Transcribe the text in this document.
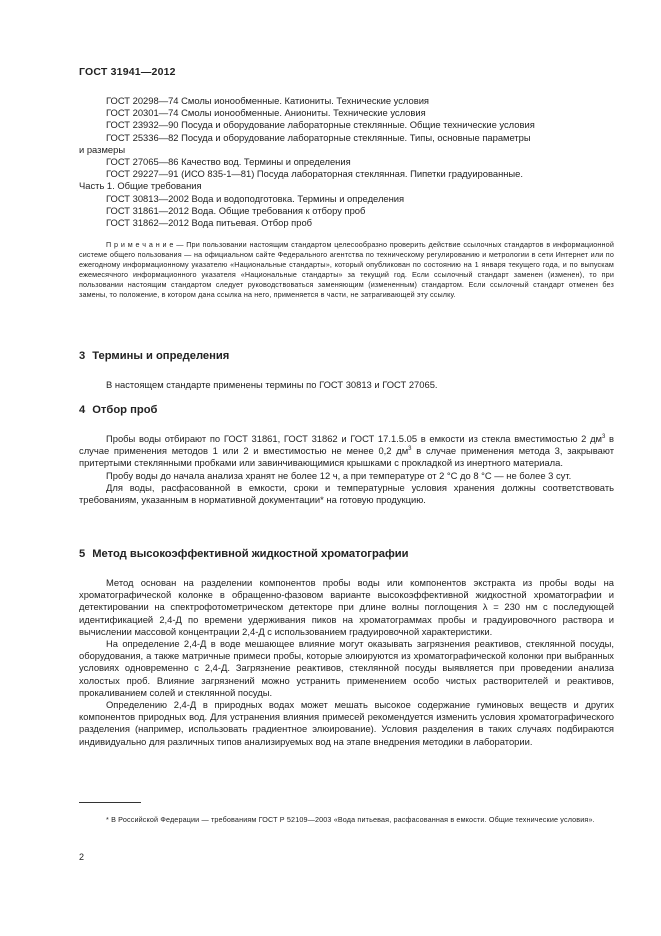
ГОСТ 31941—2012

ГОСТ 20298—74 Смолы ионообменные. Катиониты. Технические условия

ГОСТ 20301—74 Смолы ионообменные. Аниониты. Технические условия

ГОСТ 23932—90 Посуда и оборудование лабораторные стеклянные. Общие технические условия

ГОСТ 25336—82 Посуда и оборудование лабораторные стеклянные. Типы, основные параметры

и размеры

ГОСТ 27065—86 Качество вод. Термины и определения

ГОСТ 29227—91 (ИСО 835-1—81) Посуда лабораторная стеклянная. Пипетки градуированные.

Часть 1. Общие требования

ГОСТ 30813—2002 Вода и водоподготовка. Термины и определения

ГОСТ 31861—2012 Вода. Общие требования к отбору проб

ГОСТ 31862—2012 Вода питьевая. Отбор проб

П р и м е ч а н и е — При пользовании настоящим стандартом целесообразно проверить действие ссылочных стандартов в информационной системе общего пользования — на официальном сайте Федерального агентства по техническому регулированию и метрологии в сети Интернет или по ежегодному информационному указателю «Национальные стандарты», который опубликован по состоянию на 1 января текущего года, и по выпускам ежемесячного информационного указателя «Национальные стандарты» за текущий год. Если ссылочный стандарт заменен (изменен), то при пользовании настоящим стандартом следует руководствоваться заменяющим (измененным) стандартом. Если ссылочный стандарт отменен без замены, то положение, в котором дана ссылка на него, применяется в части, не затрагивающей эту ссылку.

3 Термины и определения

В настоящем стандарте применены термины по ГОСТ 30813 и ГОСТ 27065.

4 Отбор проб

Пробы воды отбирают по ГОСТ 31861, ГОСТ 31862 и ГОСТ 17.1.5.05 в емкости из стекла вместимостью 2 $дм^3$ в случае применения методов 1 или 2 и вместимостью не менее 0,2 $дм^3$ в случае применения метода 3, закрывают притертыми стеклянными пробками или завинчивающимися крышками с прокладкой из инертного материала.

Пробу воды до начала анализа хранят не более 12 ч, а при температуре от 2 °С до 8 °С — не более 3 сут.

Для воды, расфасованной в емкости, сроки и температурные условия хранения должны соответствовать требованиям, указанным в нормативной документации* на готовую продукцию.

5 Метод высокоэффективной жидкостной хроматографии

Метод основан на разделении компонентов пробы воды или компонентов экстракта из пробы воды на хроматографической колонке в обращенно-фазовом варианте высокоэффективной жидкостной хроматографии и детектировании на спектрофотометрическом детекторе при длине волны поглощения λ = 230 нм с последующей идентификацией 2,4-Д по времени удерживания пиков на хроматограммах пробы и градуировочного раствора и вычислении массовой концентрации 2,4-Д с использованием градуировочной характеристики.

На определение 2,4-Д в воде мешающее влияние могут оказывать загрязнения реактивов, стеклянной посуды, оборудования, а также матричные примеси пробы, которые элюируются из хроматографической колонки при выбранных условиях одновременно с 2,4-Д. Загрязнение реактивов, стеклянной посуды выявляется при проведении анализа холостых проб. Влияние загрязнений можно устранить применением особо чистых растворителей и реактивов, прокаливанием солей и стеклянной посуды.

Определению 2,4-Д в природных водах может мешать высокое содержание гуминовых веществ и других компонентов природных вод. Для устранения влияния примесей рекомендуется изменить условия хроматографического разделения (например, использовать градиентное элюирование). Условия разделения в таких случаях подбираются индивидуально для различных типов анализируемых вод на этапе внедрения методики в лаборатории.

* В Российской Федерации — требованиям ГОСТ Р 52109—2003 «Вода питьевая, расфасованная в емкости. Общие технические условия».

2
